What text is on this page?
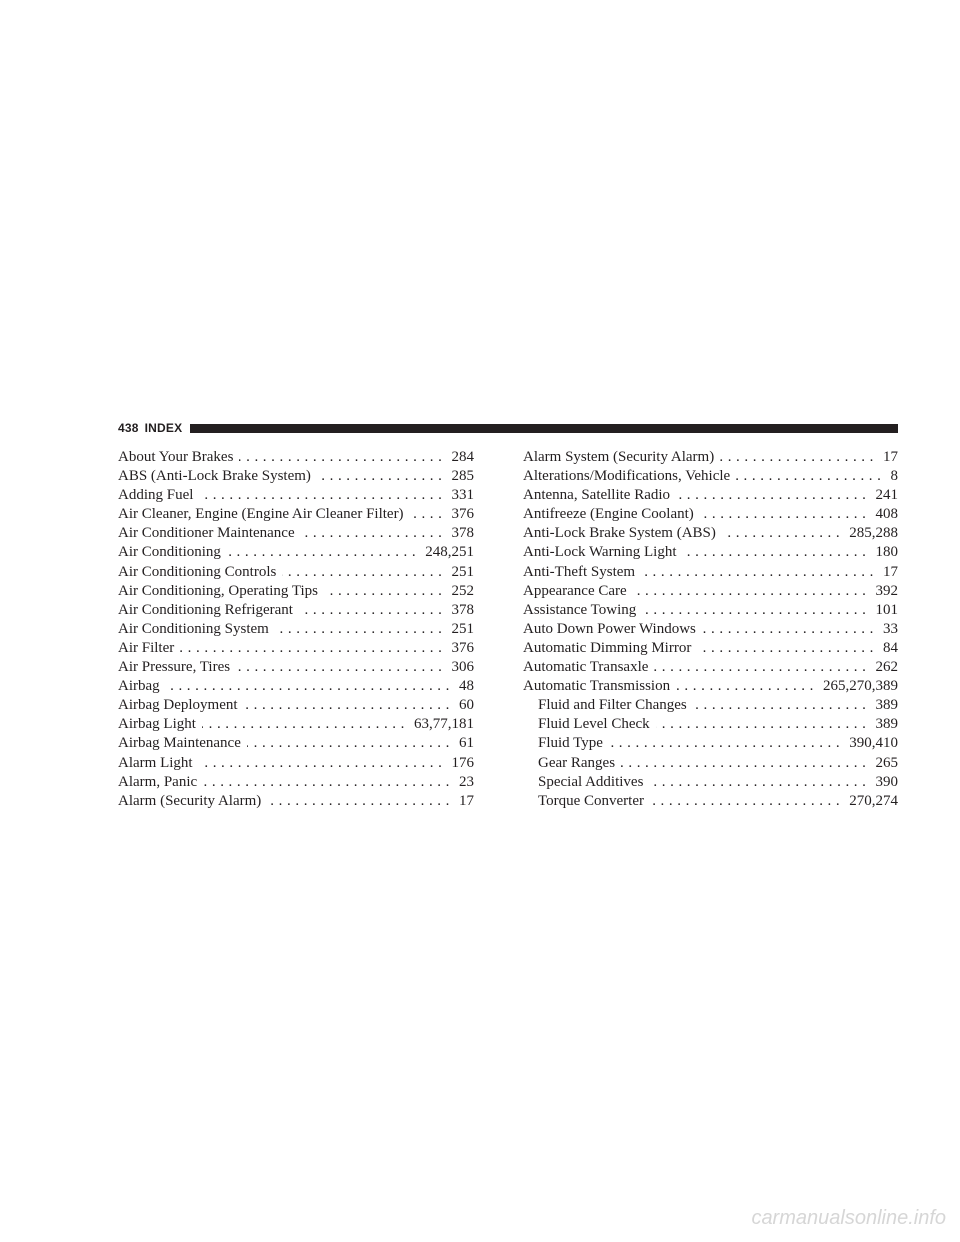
438 INDEX
About Your Brakes .....	284
ABS (Anti-Lock Brake System) .....	285
Adding Fuel .....	331
Air Cleaner, Engine (Engine Air Cleaner Filter) .....	376
Air Conditioner Maintenance .....	378
Air Conditioning .....	248,251
Air Conditioning Controls .....	251
Air Conditioning, Operating Tips .....	252
Air Conditioning Refrigerant .....	378
Air Conditioning System .....	251
Air Filter .....	376
Air Pressure, Tires .....	306
Airbag .....	48
Airbag Deployment .....	60
Airbag Light .....	63,77,181
Airbag Maintenance .....	61
Alarm Light .....	176
Alarm, Panic .....	23
Alarm (Security Alarm) .....	17
Alarm System (Security Alarm) .....	17
Alterations/Modifications, Vehicle .....	8
Antenna, Satellite Radio .....	241
Antifreeze (Engine Coolant) .....	408
Anti-Lock Brake System (ABS) .....	285,288
Anti-Lock Warning Light .....	180
Anti-Theft System .....	17
Appearance Care .....	392
Assistance Towing .....	101
Auto Down Power Windows .....	33
Automatic Dimming Mirror .....	84
Automatic Transaxle .....	262
Automatic Transmission .....	265,270,389
Fluid and Filter Changes .....	389
Fluid Level Check .....	389
Fluid Type .....	390,410
Gear Ranges .....	265
Special Additives .....	390
Torque Converter .....	270,274
carmanualsonline.info
